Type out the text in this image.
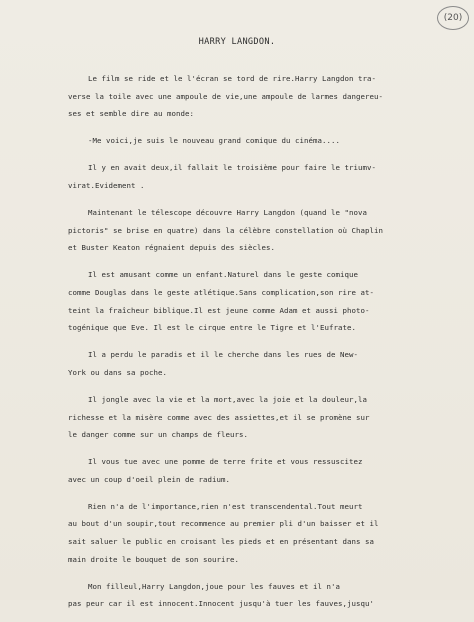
(20)
HARRY LANGDON.
Le film se ride et le l'écran se tord de rire.Harry Langdon tra-
verse la toile avec une ampoule de vie,une ampoule de larmes dangereu-
ses et semble dire au monde:
-Me voici,je suis le nouveau grand comique du cinéma....
Il y en avait deux,il fallait le troisième pour faire le triumv-
virat.Evidement .
Maintenant le télescope découvre Harry Langdon (quand le "nova
pictoris" se brise en quatre) dans la célèbre constellation où Chaplin
et Buster Keaton régnaient depuis des siècles.
Il est amusant comme un enfant.Naturel dans le geste comique
comme Douglas dans le geste atlétique.Sans complication,son rire at-
teint la fraîcheur biblique.Il est jeune comme Adam et aussi photo-
togénique que Eve. Il est le cirque entre le Tigre et l'Eufrate.
Il a perdu le paradis et il le cherche dans les rues de New-
York ou dans sa poche.
Il jongle avec la vie et la mort,avec la joie et la douleur,la
richesse et la misère comme avec des assiettes,et il se promène sur
le danger comme sur un champs de fleurs.
Il vous tue avec une pomme de terre frite et vous ressuscitez
avec un coup d'oeil plein de radium.
Rien n'a de l'importance,rien n'est transcendental.Tout meurt
au bout d'un soupir,tout recommence au premier pli d'un baisser et il
sait saluer le public en croisant les pieds et en présentant dans sa
main droite le bouquet de son sourire.
Mon filleul,Harry Langdon,joue pour les fauves et il n'a
pas peur car il est innocent.Innocent jusqu'à tuer les fauves,jusqu'
